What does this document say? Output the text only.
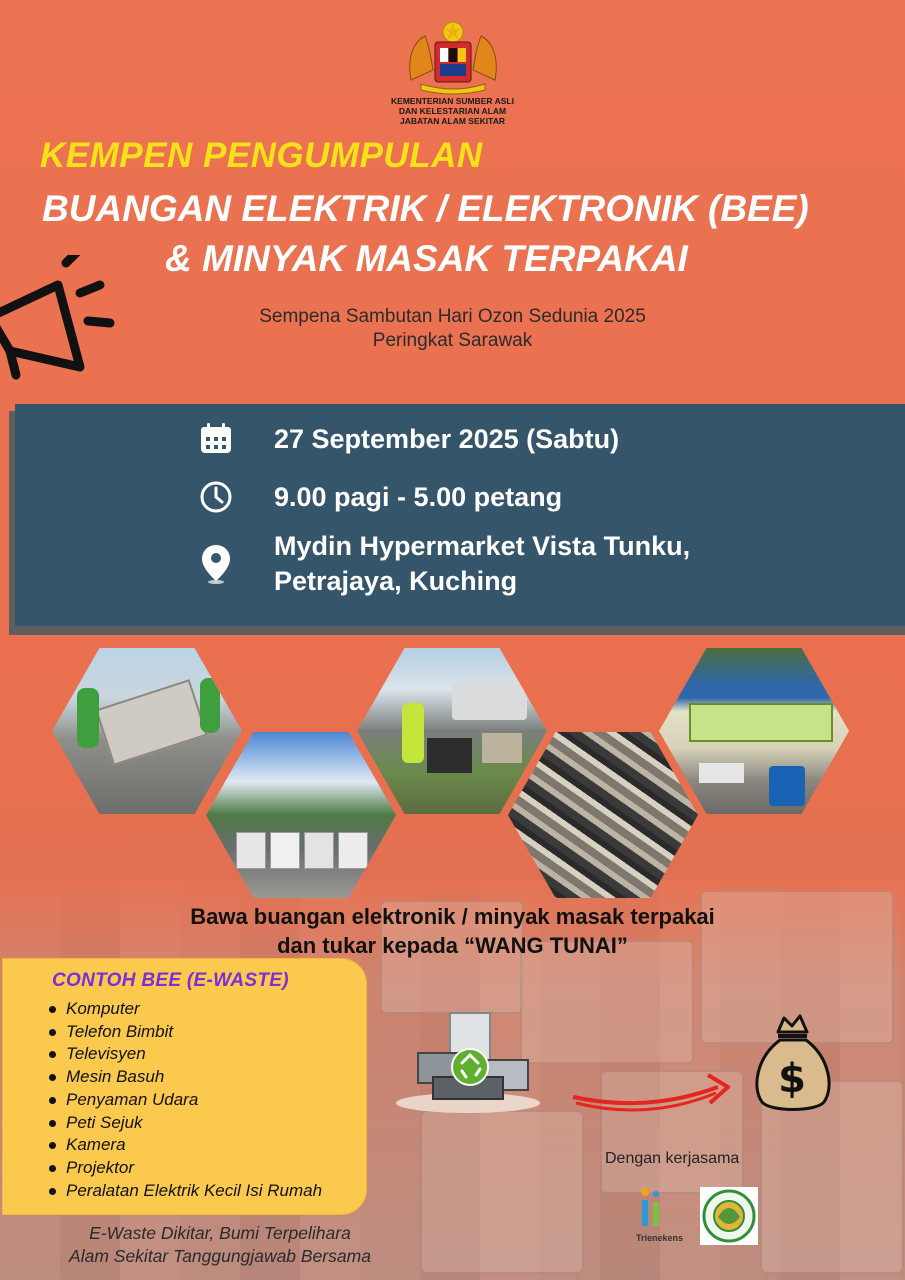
KEMENTERIAN SUMBER ASLI
DAN KELESTARIAN ALAM
JABATAN ALAM SEKITAR
KEMPEN PENGUMPULAN
BUANGAN ELEKTRIK / ELEKTRONIK (BEE)
& MINYAK MASAK TERPAKAI
Sempena Sambutan Hari Ozon Sedunia 2025
Peringkat Sarawak
27 September 2025 (Sabtu)
9.00 pagi - 5.00 petang
Mydin Hypermarket Vista Tunku,
Petrajaya, Kuching
Bawa buangan elektronik / minyak masak terpakai
dan tukar kepada “WANG TUNAI”
CONTOH BEE (E-WASTE)
Komputer
Telefon Bimbit
Televisyen
Mesin Basuh
Penyaman Udara
Peti Sejuk
Kamera
Projektor
Peralatan Elektrik Kecil Isi Rumah
E-Waste Dikitar, Bumi Terpelihara
Alam Sekitar Tanggungjawab Bersama
$
Dengan kerjasama
Trienekens
